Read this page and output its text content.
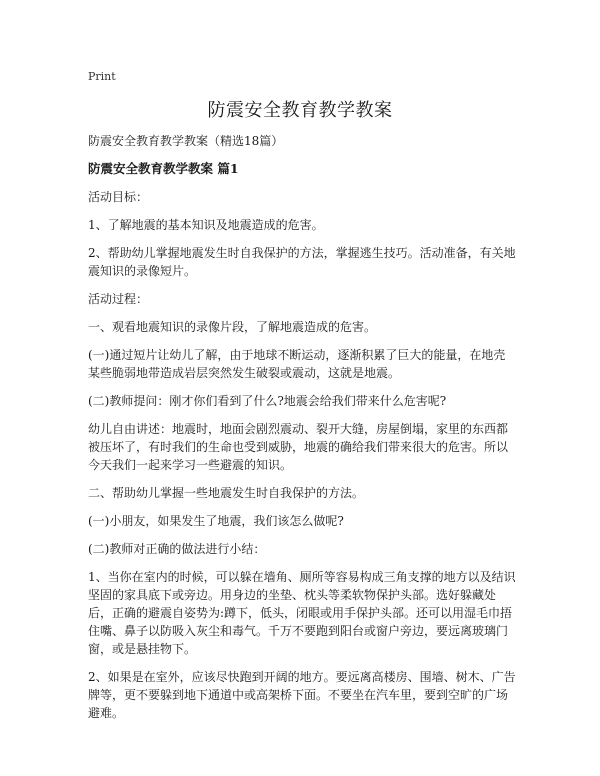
Print
防震安全教育教学教案

防震安全教育教学教案（精选18篇）

防震安全教育教学教案 篇1

活动目标：

1、了解地震的基本知识及地震造成的危害。

2、帮助幼儿掌握地震发生时自我保护的方法，掌握逃生技巧。活动准备，有关地震知识的录像短片。

活动过程：

一、观看地震知识的录像片段，了解地震造成的危害。

(一)通过短片让幼儿了解，由于地球不断运动，逐渐积累了巨大的能量，在地壳某些脆弱地带造成岩层突然发生破裂或震动，这就是地震。

(二)教师提问：刚才你们看到了什么?地震会给我们带来什么危害呢?

幼儿自由讲述：地震时，地面会剧烈震动、裂开大缝，房屋倒塌，家里的东西都被压坏了，有时我们的生命也受到威胁，地震的确给我们带来很大的危害。所以今天我们一起来学习一些避震的知识。

二、帮助幼儿掌握一些地震发生时自我保护的方法。

(一)小朋友，如果发生了地震，我们该怎么做呢?

(二)教师对正确的做法进行小结：

1、当你在室内的时候，可以躲在墙角、厕所等容易构成三角支撑的地方以及结识坚固的家具底下或旁边。用身边的坐垫、枕头等柔软物保护头部。选好躲藏处后，正确的避震自姿势为:蹲下，低头，闭眼或用手保护头部。还可以用湿毛巾捂住嘴、鼻子以防吸入灰尘和毒气。千万不要跑到阳台或窗户旁边，要远离玻璃门窗，或是悬挂物下。

2、如果是在室外，应该尽快跑到开阔的地方。要远离高楼房、围墙、树木、广告牌等，更不要躲到地下通道中或高架桥下面。不要坐在汽车里，要到空旷的广场避难。
